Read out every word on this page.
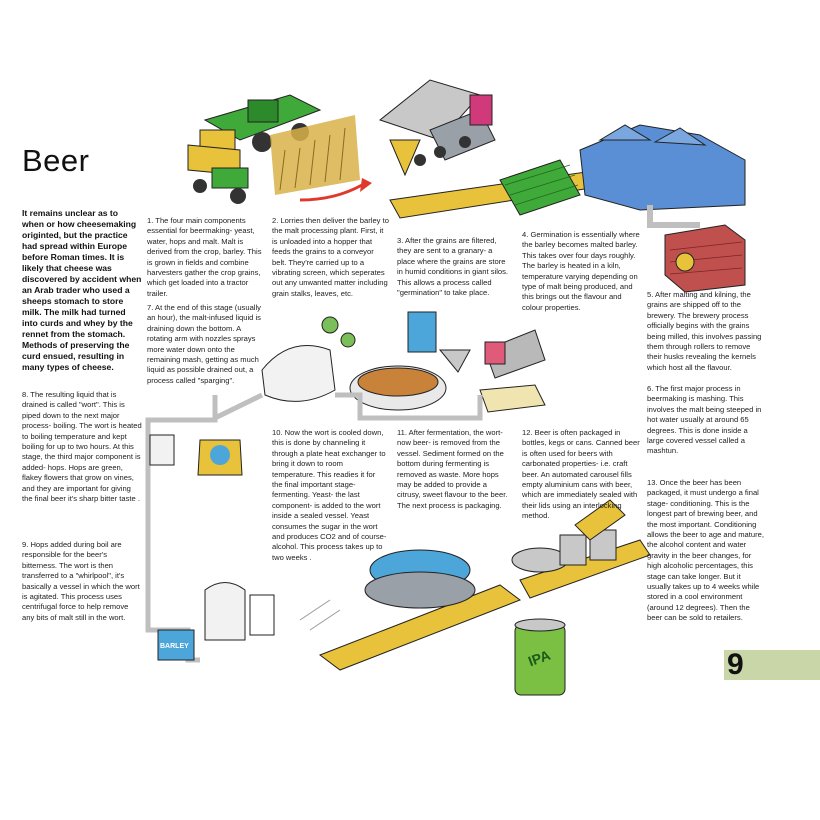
Beer
It remains unclear as to when or how cheesemaking originted, but the practice had spread within Europe before Roman times. It is likely that cheese was discovered by accident when an Arab trader who used a sheeps stomach to store milk. The milk had turned into curds and whey by the rennet from the stomach. Methods of preserving the curd ensued, resulting in many types of cheese.
1. The four main components essential for beermaking- yeast, water, hops and malt. Malt is derived from the crop, barley. This is grown in fields and combine harvesters gather the crop grains, which get loaded into a tractor trailer.
2. Lorries then deliver the barley to the malt processing plant. First, it is unloaded into a hopper that feeds the grains to a conveyor belt. They're carried up to a vibrating screen, which seperates out any unwanted matter including grain stalks, leaves, etc.
3. After the grains are filtered, they are sent to a granary- a place where the grains are store in humid conditions in giant silos. This allows a process called "germination" to take place.
4. Germination is essentially where the barley becomes malted barley. This takes over four days roughly. The barley is heated in a kiln, temperature varying depending on type of malt being produced, and this brings out the flavour and colour properties.
5. After malting and kilning, the grains are shipped off to the brewery. The brewery process officially begins with the grains being milled, this involves passing them through rollers to remove their husks revealing the kernels which host all the flavour.
6. The first major process in beermaking is mashing. This involves the malt being steeped in hot water usually at around 65 degrees. This is done inside a large covered vessel called a mashtun.
7. At the end of this stage (usually an hour), the malt-infused liquid is draining down the bottom. A rotating arm with nozzles sprays more water down onto the remaining mash, getting as much liquid as possible drained out, a process called "sparging".
8. The resulting liquid that is drained is called "wort". This is piped down to the next major process- boiling. The wort is heated to boiling temperature and kept boiling for up to two hours. At this stage, the third major component is added- hops. Hops are green, flakey flowers that grow on vines, and they are important for giving the final beer it's sharp bitter taste .
9. Hops added during boil are responsible for the beer's bitterness. The wort is then transferred to a "whirlpool", it's basically a vessel in which the wort is agitated. This process uses centrifugal force to help remove any bits of malt still in the wort.
10. Now the wort is cooled down, this is done by channeling it through a plate heat exchanger to bring it down to room temperature. This readies it for the final important stage- fermenting. Yeast- the last component- is added to the wort inside a sealed vessel. Yeast consumes the sugar in the wort and produces CO2 and of course- alcohol. This process takes up to two weeks .
11. After fermentation, the wort- now beer- is removed from the vessel. Sediment formed on the bottom during fermenting is removed as waste. More hops may be added to provide a citrusy, sweet flavour to the beer. The next process is packaging.
12. Beer is often packaged in bottles, kegs or cans. Canned beer is often used for beers with carbonated properties- i.e. craft beer. An automated carousel fills empty aluminium cans with beer, which are immediately sealed with their lids using an interlocking method.
13. Once the beer has been packaged, it must undergo a final stage- conditioning. This is the longest part of brewing beer, and the most important. Conditioning allows the beer to age and mature, the alcohol content and water gravity in the beer changes, for high alcoholic percentages, this stage can take longer. But it usually takes up to 4 weeks while stored in a cool environment (around 12 degrees). Then the beer can be sold to retailers.
BARLEY
IPA	9
